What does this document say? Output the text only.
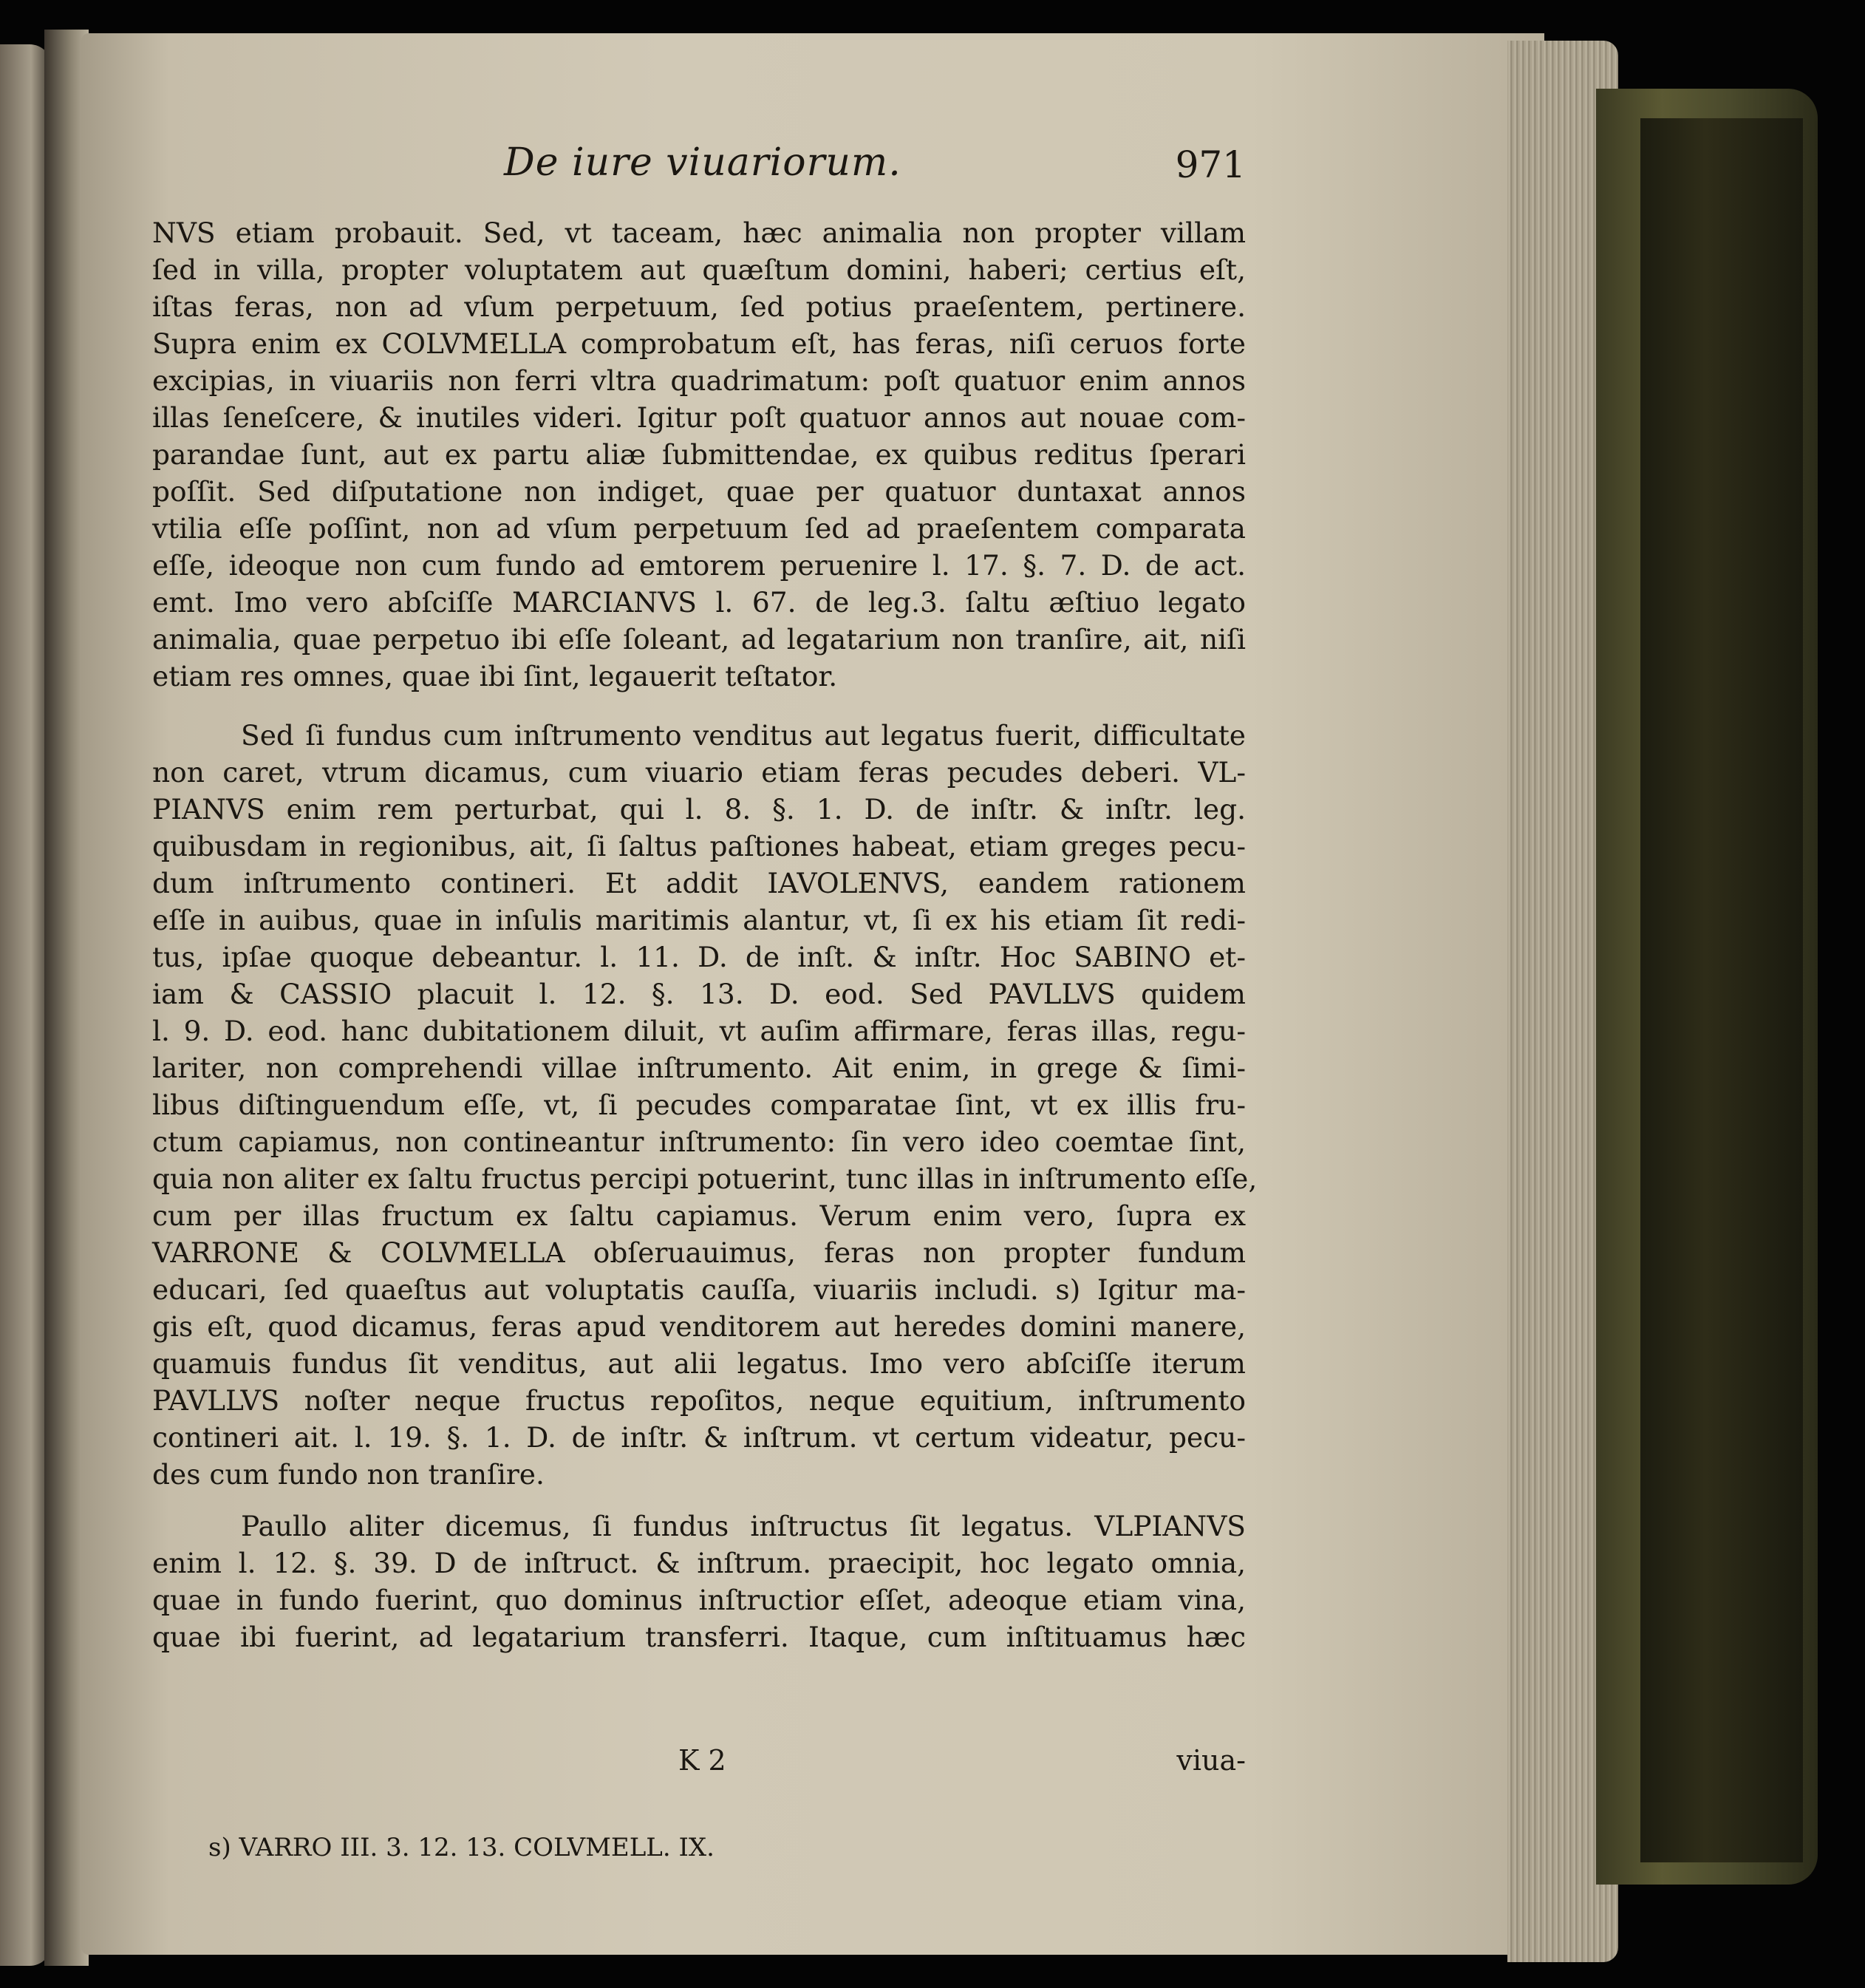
De iure viuariorum.	971
NVS etiam probauit. Sed, vt taceam, hæc animalia non propter villam
ſed in villa, propter voluptatem aut quæſtum domini, haberi; certius eſt,
iſtas feras, non ad vſum perpetuum, ſed potius praeſentem, pertinere.
Supra enim ex COLVMELLA comprobatum eſt, has feras, niſi ceruos forte
excipias, in viuariis non ferri vltra quadrimatum: poſt quatuor enim annos
illas ſeneſcere, & inutiles videri. Igitur poſt quatuor annos aut nouae com-
parandae ſunt, aut ex partu aliæ ſubmittendae, ex quibus reditus ſperari
poſſit. Sed diſputatione non indiget, quae per quatuor duntaxat annos
vtilia eſſe poſſint, non ad vſum perpetuum ſed ad praeſentem comparata
eſſe, ideoque non cum fundo ad emtorem peruenire l. 17. §. 7. D. de act.
emt. Imo vero abſciſſe MARCIANVS l. 67. de leg.3. ſaltu æſtiuo legato
animalia, quae perpetuo ibi eſſe ſoleant, ad legatarium non tranſire, ait, niſi
etiam res omnes, quae ibi ſint, legauerit teſtator.
Sed ſi fundus cum inſtrumento venditus aut legatus fuerit, difficultate
non caret, vtrum dicamus, cum viuario etiam feras pecudes deberi. VL-
PIANVS enim rem perturbat, qui l. 8. §. 1. D. de inſtr. & inſtr. leg.
quibusdam in regionibus, ait, ſi ſaltus paſtiones habeat, etiam greges pecu-
dum inſtrumento contineri. Et addit IAVOLENVS, eandem rationem
eſſe in auibus, quae in inſulis maritimis alantur, vt, ſi ex his etiam ſit redi-
tus, ipſae quoque debeantur. l. 11. D. de inſt. & inſtr. Hoc SABINO et-
iam & CASSIO placuit l. 12. §. 13. D. eod. Sed PAVLLVS quidem
l. 9. D. eod. hanc dubitationem diluit, vt auſim affirmare, feras illas, regu-
lariter, non comprehendi villae inſtrumento. Ait enim, in grege & ſimi-
libus diſtinguendum eſſe, vt, ſi pecudes comparatae ſint, vt ex illis fru-
ctum capiamus, non contineantur inſtrumento: ſin vero ideo coemtae ſint,
quia non aliter ex ſaltu fructus percipi potuerint, tunc illas in inſtrumento eſſe,
cum per illas fructum ex ſaltu capiamus. Verum enim vero, ſupra ex
VARRONE & COLVMELLA obſeruauimus, feras non propter fundum
educari, ſed quaeſtus aut voluptatis cauſſa, viuariis includi. s) Igitur ma-
gis eſt, quod dicamus, feras apud venditorem aut heredes domini manere,
quamuis fundus ſit venditus, aut alii legatus. Imo vero abſciſſe iterum
PAVLLVS noſter neque fructus repoſitos, neque equitium, inſtrumento
contineri ait. l. 19. §. 1. D. de inſtr. & inſtrum. vt certum videatur, pecu-
des cum fundo non tranſire.
Paullo aliter dicemus, ſi fundus inſtructus ſit legatus. VLPIANVS
enim l. 12. §. 39. D de inſtruct. & inſtrum. praecipit, hoc legato omnia,
quae in fundo fuerint, quo dominus inſtructior eſſet, adeoque etiam vina,
quae ibi fuerint, ad legatarium transferri. Itaque, cum inſtituamus hæc
K 2	viua-
s) VARRO III. 3. 12. 13. COLVMELL. IX.
